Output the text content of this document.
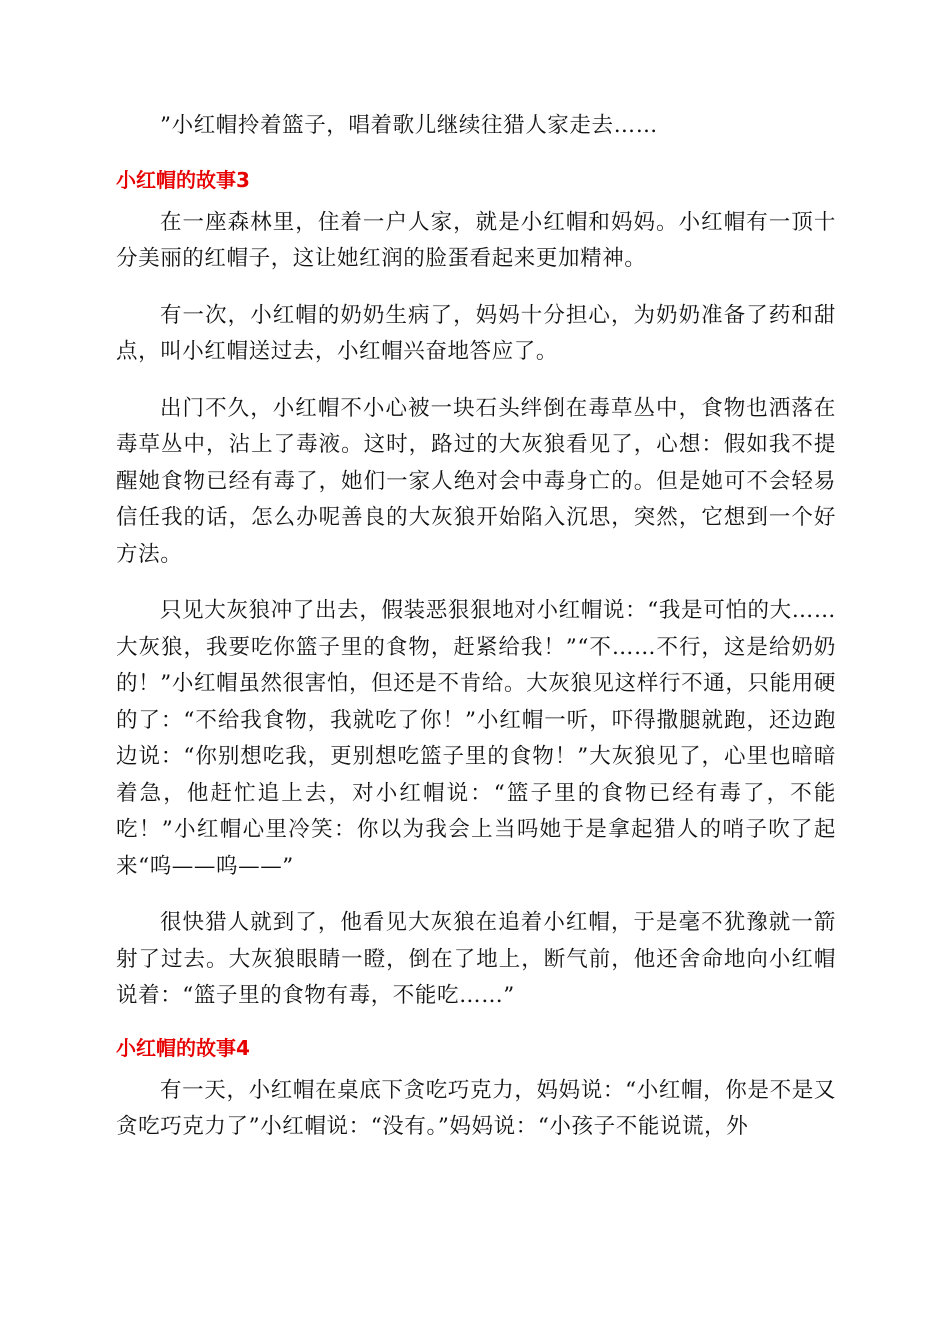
”小红帽拎着篮子，唱着歌儿继续往猎人家走去……

小红帽的故事3

在一座森林里，住着一户人家，就是小红帽和妈妈。小红帽有一顶十分美丽的红帽子，这让她红润的脸蛋看起来更加精神。

有一次，小红帽的奶奶生病了，妈妈十分担心，为奶奶准备了药和甜点，叫小红帽送过去，小红帽兴奋地答应了。

出门不久，小红帽不小心被一块石头绊倒在毒草丛中，食物也洒落在毒草丛中，沾上了毒液。这时，路过的大灰狼看见了，心想：假如我不提醒她食物已经有毒了，她们一家人绝对会中毒身亡的。但是她可不会轻易信任我的话，怎么办呢善良的大灰狼开始陷入沉思，突然，它想到一个好方法。

只见大灰狼冲了出去，假装恶狠狠地对小红帽说：“我是可怕的大……大灰狼，我要吃你篮子里的食物，赶紧给我！”“不……不行，这是给奶奶的！”小红帽虽然很害怕，但还是不肯给。大灰狼见这样行不通，只能用硬的了：“不给我食物，我就吃了你！”小红帽一听，吓得撒腿就跑，还边跑边说：“你别想吃我，更别想吃篮子里的食物！”大灰狼见了，心里也暗暗着急，他赶忙追上去，对小红帽说：“篮子里的食物已经有毒了，不能吃！”小红帽心里冷笑：你以为我会上当吗她于是拿起猎人的哨子吹了起来“呜——呜——”

很快猎人就到了，他看见大灰狼在追着小红帽，于是毫不犹豫就一箭射了过去。大灰狼眼睛一瞪，倒在了地上，断气前，他还舍命地向小红帽说着：“篮子里的食物有毒，不能吃……”

小红帽的故事4

有一天，小红帽在桌底下贪吃巧克力，妈妈说：“小红帽，你是不是又贪吃巧克力了”小红帽说：“没有。”妈妈说：“小孩子不能说谎，外
